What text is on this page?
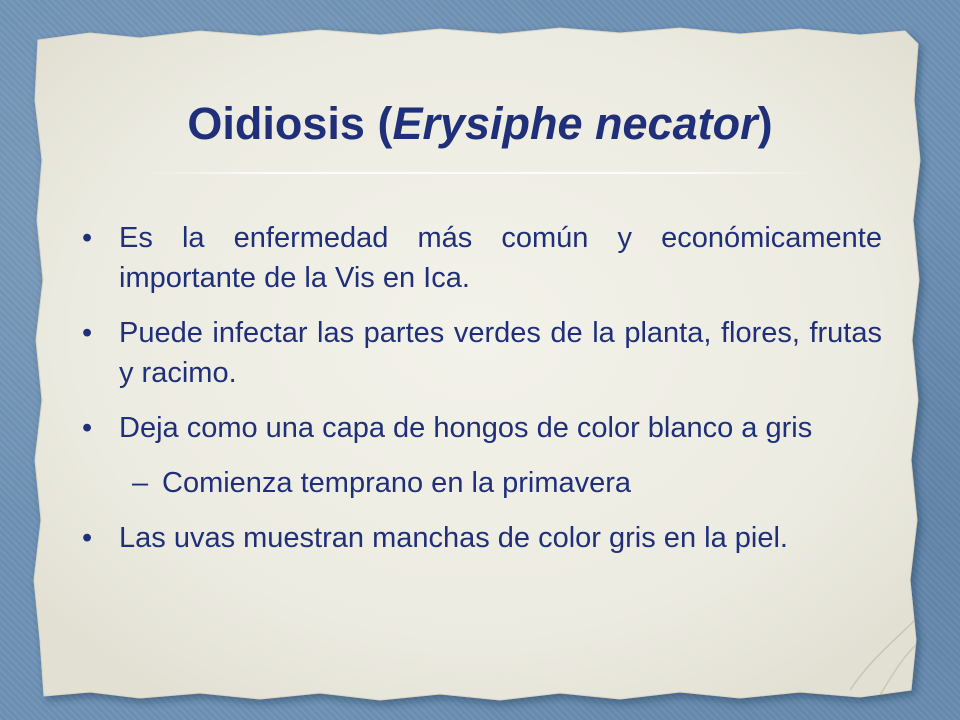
Oidiosis (Erysiphe necator)
• Es la enfermedad más común y económicamente importante de la Vis en Ica.
• Puede infectar las partes verdes de la planta, flores, frutas y racimo.
• Deja como una capa de hongos de color blanco a gris
– Comienza temprano en la primavera
• Las uvas muestran manchas de color gris en la piel.
